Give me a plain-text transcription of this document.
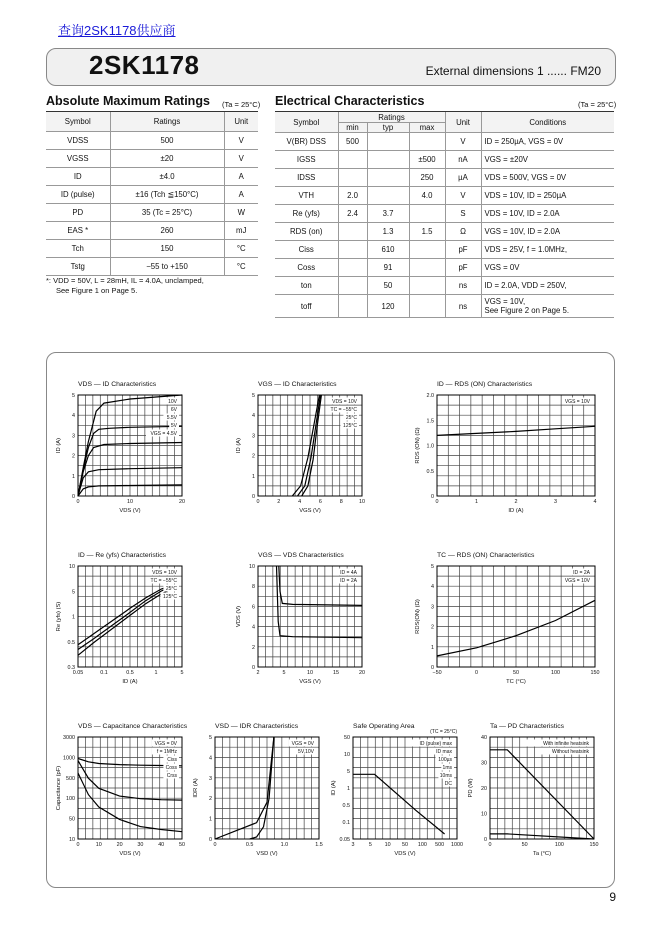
查询2SK1178供应商
2SK1178	External dimensions 1 ...... FM20
Absolute Maximum Ratings (Ta = 25°C)
Symbol	Ratings	Unit
VDSS	500	V
VGSS	±20	V
ID	±4.0	A
ID (pulse)	±16 (Tch ≦150°C)	A
PD	35 (Tc = 25°C)	W
EAS *	260	mJ
Tch	150	°C
Tstg	−55 to +150	°C
*: VDD = 50V, L = 28mH, IL = 4.0A, unclamped,
See Figure 1 on Page 5.
Electrical Characteristics	(Ta = 25°C)
Symbol	Ratings			Unit	Conditions
	min	typ	max		
V(BR) DSS	500			V	ID = 250µA, VGS = 0V
IGSS			±500	nA	VGS = ±20V
IDSS			250	µA	VDS = 500V, VGS = 0V
VTH	2.0		4.0	V	VDS = 10V, ID = 250µA
Re (yfs)	2.4	3.7		S	VDS = 10V, ID = 2.0A
RDS (on)		1.3	1.5	Ω	VGS = 10V, ID = 2.0A
Ciss		610		pF	VDS = 25V, f = 1.0MHz,
Coss		91		pF	VGS = 0V
ton		50		ns	ID = 2.0A, VDD = 250V,
toff		120		ns	VGS = 10V,
See Figure 2 on Page 5.
VDS — ID Characteristics
0	10	20
0
1
2
3
4
5
VDS (V)
ID (A)
10V
6V
5.5V
5V
VGS = 4.5V
VGS — ID Characteristics
0	2	4	6	8	10
0
1
2
3
4
5
VGS (V)
ID (A)
VDS = 10V
TC = −55°C
25°C
125°C
ID — RDS (ON) Characteristics
0	1	2	3	4
0
0.5
1.0
1.5
2.0
ID (A)
RDS (ON) (Ω)
VGS = 10V
ID — Re (yfs) Characteristics
0.05	0.1	0.5	1	5
0.3
0.5
1
5
10
ID (A)
Re (yfs) (S)
VDS = 10V
TC = −55°C
25°C
125°C
VGS — VDS Characteristics
2	5	10	15	20
0
2
4
6
8
10
VGS (V)
VDS (V)
ID = 4A
ID = 2A
TC — RDS (ON) Characteristics
−50	0	50	100	150
0
1
2
3
4
5
TC (°C)
RDS(ON) (Ω)
ID = 2A
VGS = 10V
VDS — Capacitance Characteristics
0	10	20	30	40	50
10
50
100
500
1000
3000
VDS (V)
Capacitance (pF)
VGS = 0V
f = 1MHz
Ciss
Coss
Crss
VSD — IDR Characteristics
0	0.5	1.0	1.5
0
1
2
3
4
5
VSD (V)
IDR (A)
VGS = 0V
5V,10V
Safe Operating Area
(TC = 25°C)
3	5 10 50 100 500 1000
0.05
0.1
0.5
1
5
10
50
VDS (V)
ID (A)
ID (pulse) max
ID max
100µs
1ms
10ms
DC
Ta — PD Characteristics
0	50	100	150
0
10
20
30
40
Ta (°C)
PD (W)
With infinite heatsink
Without heatsink
9
